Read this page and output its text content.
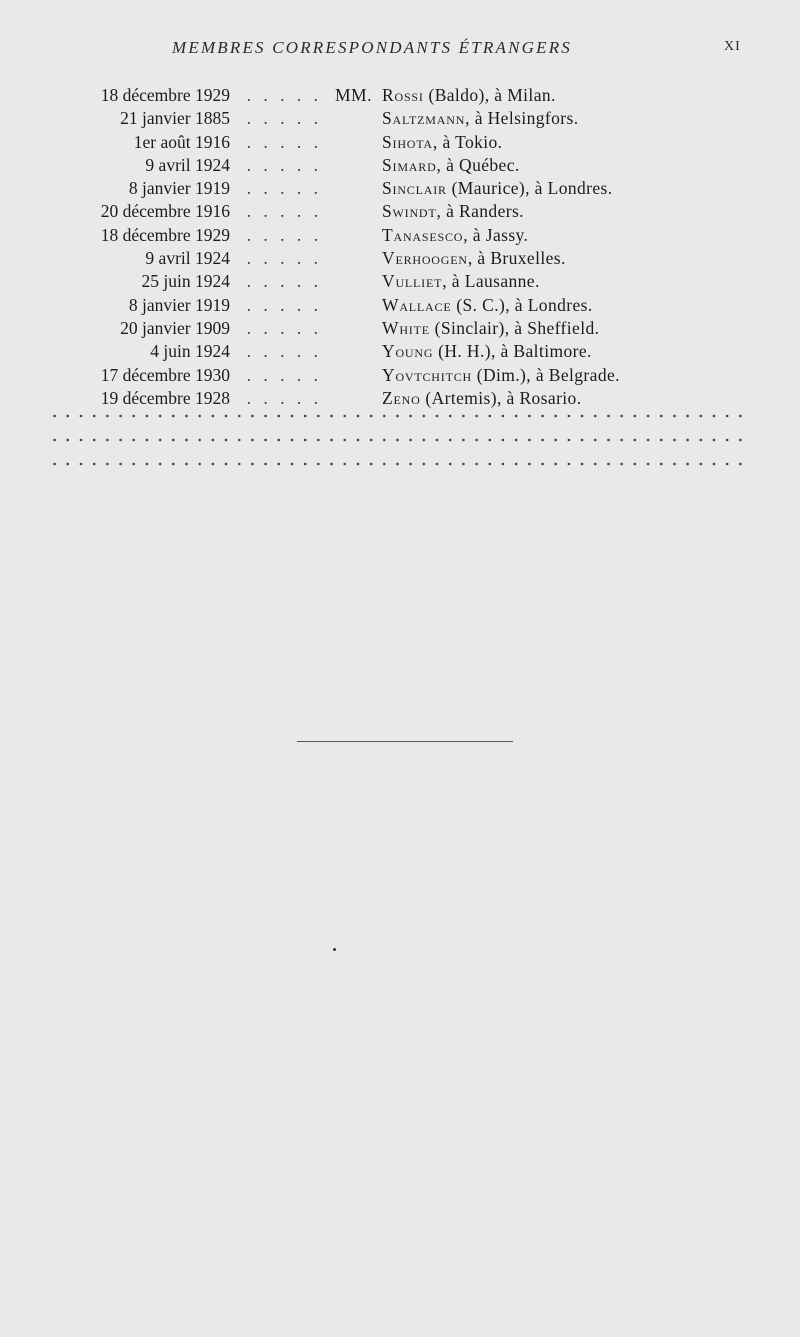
MEMBRES CORRESPONDANTS ÉTRANGERS	XI
18 décembre 1929 . . . . . MM. Rossi (Baldo), à Milan.
21 janvier 1885 . . . . .	Saltzmann, à Helsingfors.
1er août 1916 . . . . .	Sihota, à Tokio.
9 avril 1924 . . . . .	Simard, à Québec.
8 janvier 1919 . . . . .	Sinclair (Maurice), à Londres.
20 décembre 1916 . . . . .	Swindt, à Randers.
18 décembre 1929 . . . . .	Tanasesco, à Jassy.
9 avril 1924 . . . . .	Verhoogen, à Bruxelles.
25 juin 1924 . . . . .	Vulliet, à Lausanne.
8 janvier 1919 . . . . .	Wallace (S. C.), à Londres.
20 janvier 1909 . . . . .	White (Sinclair), à Sheffield.
4 juin 1924 . . . . .	Young (H. H.), à Baltimore.
17 décembre 1930 . . . . .	Yovtchitch (Dim.), à Belgrade.
19 décembre 1928 . . . . .	Zeno (Artemis), à Rosario.
